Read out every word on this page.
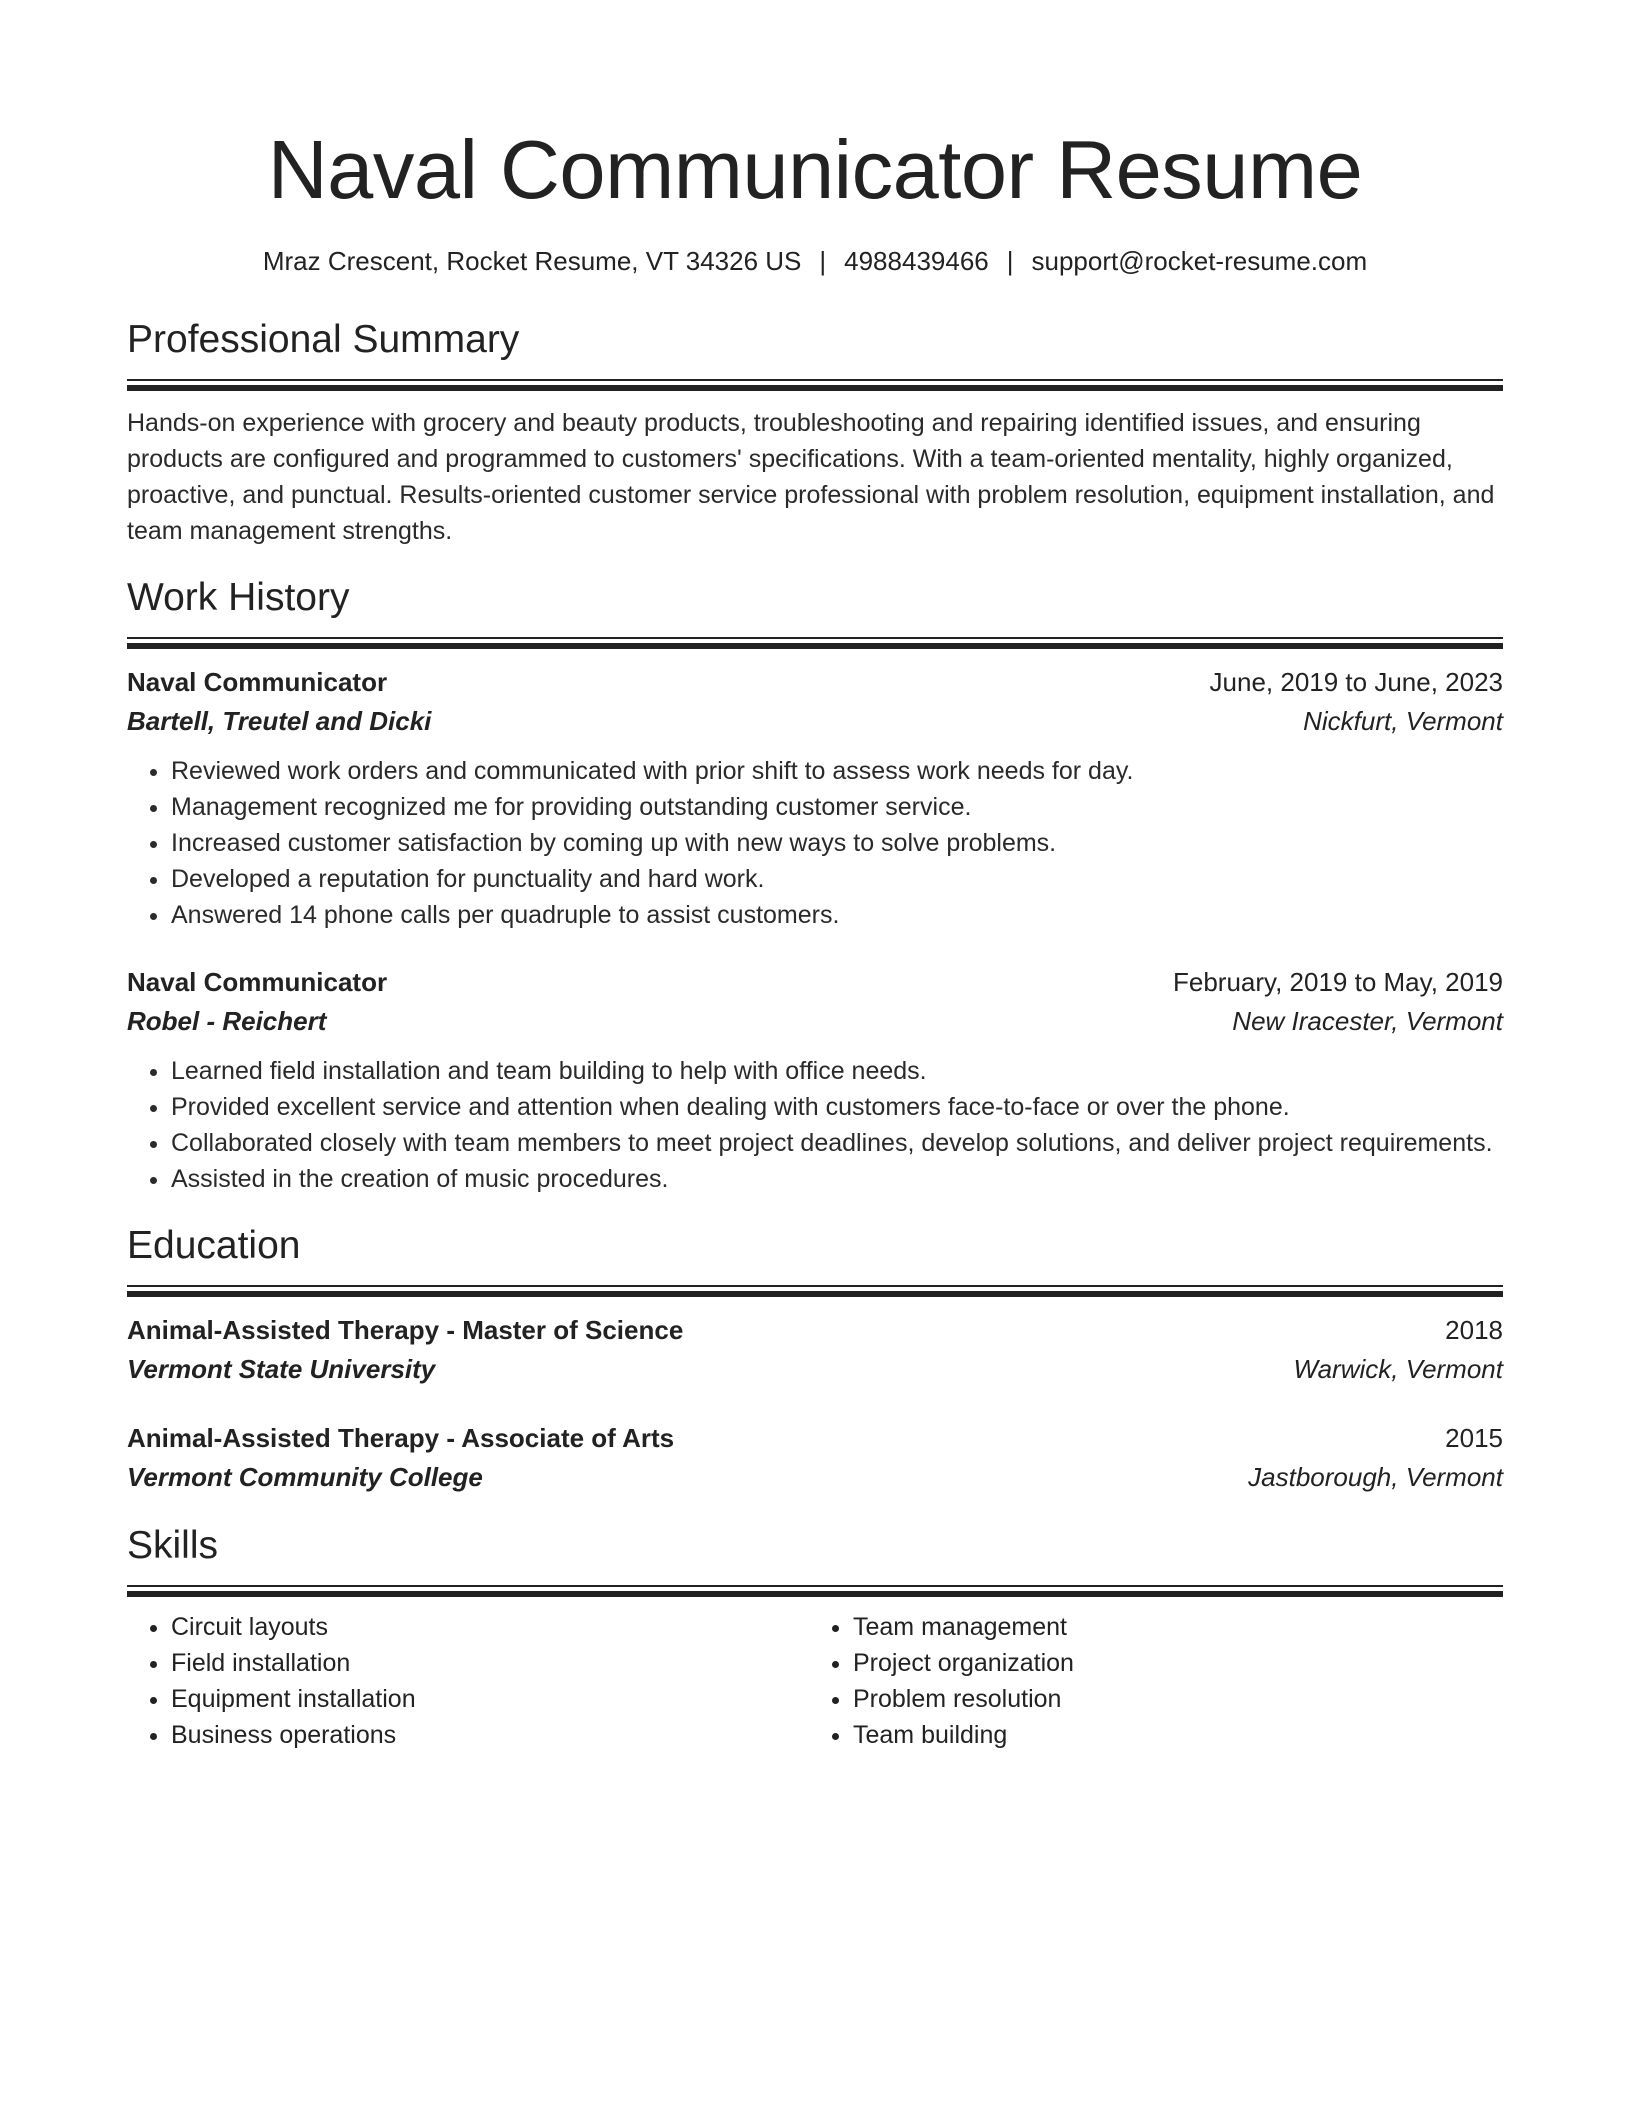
Naval Communicator Resume
Mraz Crescent, Rocket Resume, VT 34326 US | 4988439466 | support@rocket-resume.com
Professional Summary
Hands-on experience with grocery and beauty products, troubleshooting and repairing identified issues, and ensuring products are configured and programmed to customers' specifications. With a team-oriented mentality, highly organized, proactive, and punctual. Results-oriented customer service professional with problem resolution, equipment installation, and team management strengths.
Work History
Naval Communicator	June, 2019 to June, 2023
Bartell, Treutel and Dicki	Nickfurt, Vermont
• Reviewed work orders and communicated with prior shift to assess work needs for day.
• Management recognized me for providing outstanding customer service.
• Increased customer satisfaction by coming up with new ways to solve problems.
• Developed a reputation for punctuality and hard work.
• Answered 14 phone calls per quadruple to assist customers.
Naval Communicator	February, 2019 to May, 2019
Robel - Reichert	New Iracester, Vermont
• Learned field installation and team building to help with office needs.
• Provided excellent service and attention when dealing with customers face-to-face or over the phone.
• Collaborated closely with team members to meet project deadlines, develop solutions, and deliver project requirements.
• Assisted in the creation of music procedures.
Education
Animal-Assisted Therapy - Master of Science	2018
Vermont State University	Warwick, Vermont
Animal-Assisted Therapy - Associate of Arts	2015
Vermont Community College	Jastborough, Vermont
Skills
• Circuit layouts
• Field installation
• Equipment installation
• Business operations
• Team management
• Project organization
• Problem resolution
• Team building
